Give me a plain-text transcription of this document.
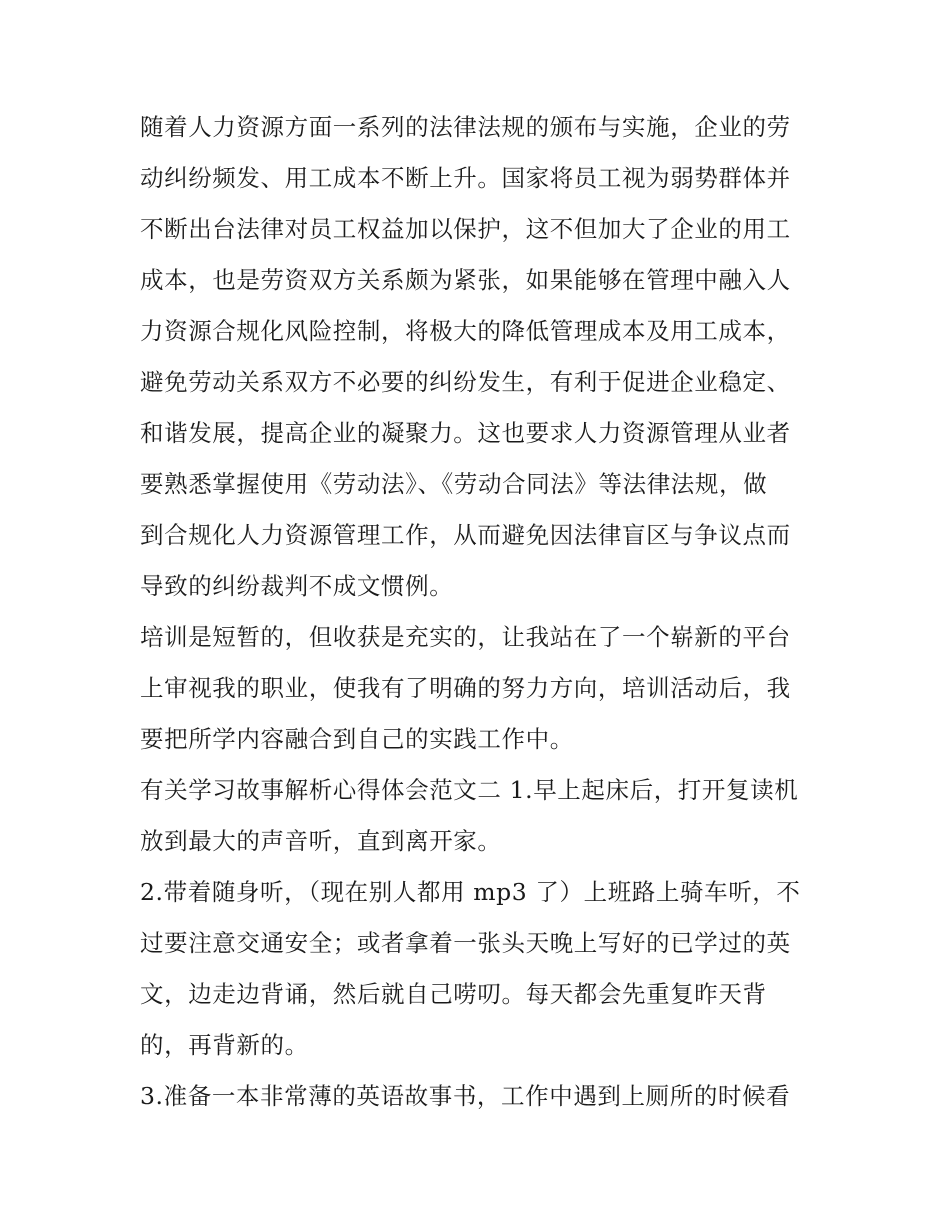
随着人力资源方面一系列的法律法规的颁布与实施，企业的劳
动纠纷频发、用工成本不断上升。国家将员工视为弱势群体并
不断出台法律对员工权益加以保护，这不但加大了企业的用工
成本，也是劳资双方关系颇为紧张，如果能够在管理中融入人
力资源合规化风险控制，将极大的降低管理成本及用工成本，
避免劳动关系双方不必要的纠纷发生，有利于促进企业稳定、
和谐发展，提高企业的凝聚力。这也要求人力资源管理从业者
要熟悉掌握使用《劳动法》、《劳动合同法》等法律法规，做
到合规化人力资源管理工作，从而避免因法律盲区与争议点而
导致的纠纷裁判不成文惯例。
培训是短暂的，但收获是充实的，让我站在了一个崭新的平台
上审视我的职业，使我有了明确的努力方向，培训活动后，我
要把所学内容融合到自己的实践工作中。
有关学习故事解析心得体会范文二 1.早上起床后，打开复读机
放到最大的声音听，直到离开家。
2.带着随身听，（现在别人都用 mp3 了）上班路上骑车听，不
过要注意交通安全；或者拿着一张头天晚上写好的已学过的英
文，边走边背诵，然后就自己唠叨。每天都会先重复昨天背
的，再背新的。
3.准备一本非常薄的英语故事书，工作中遇到上厕所的时候看
